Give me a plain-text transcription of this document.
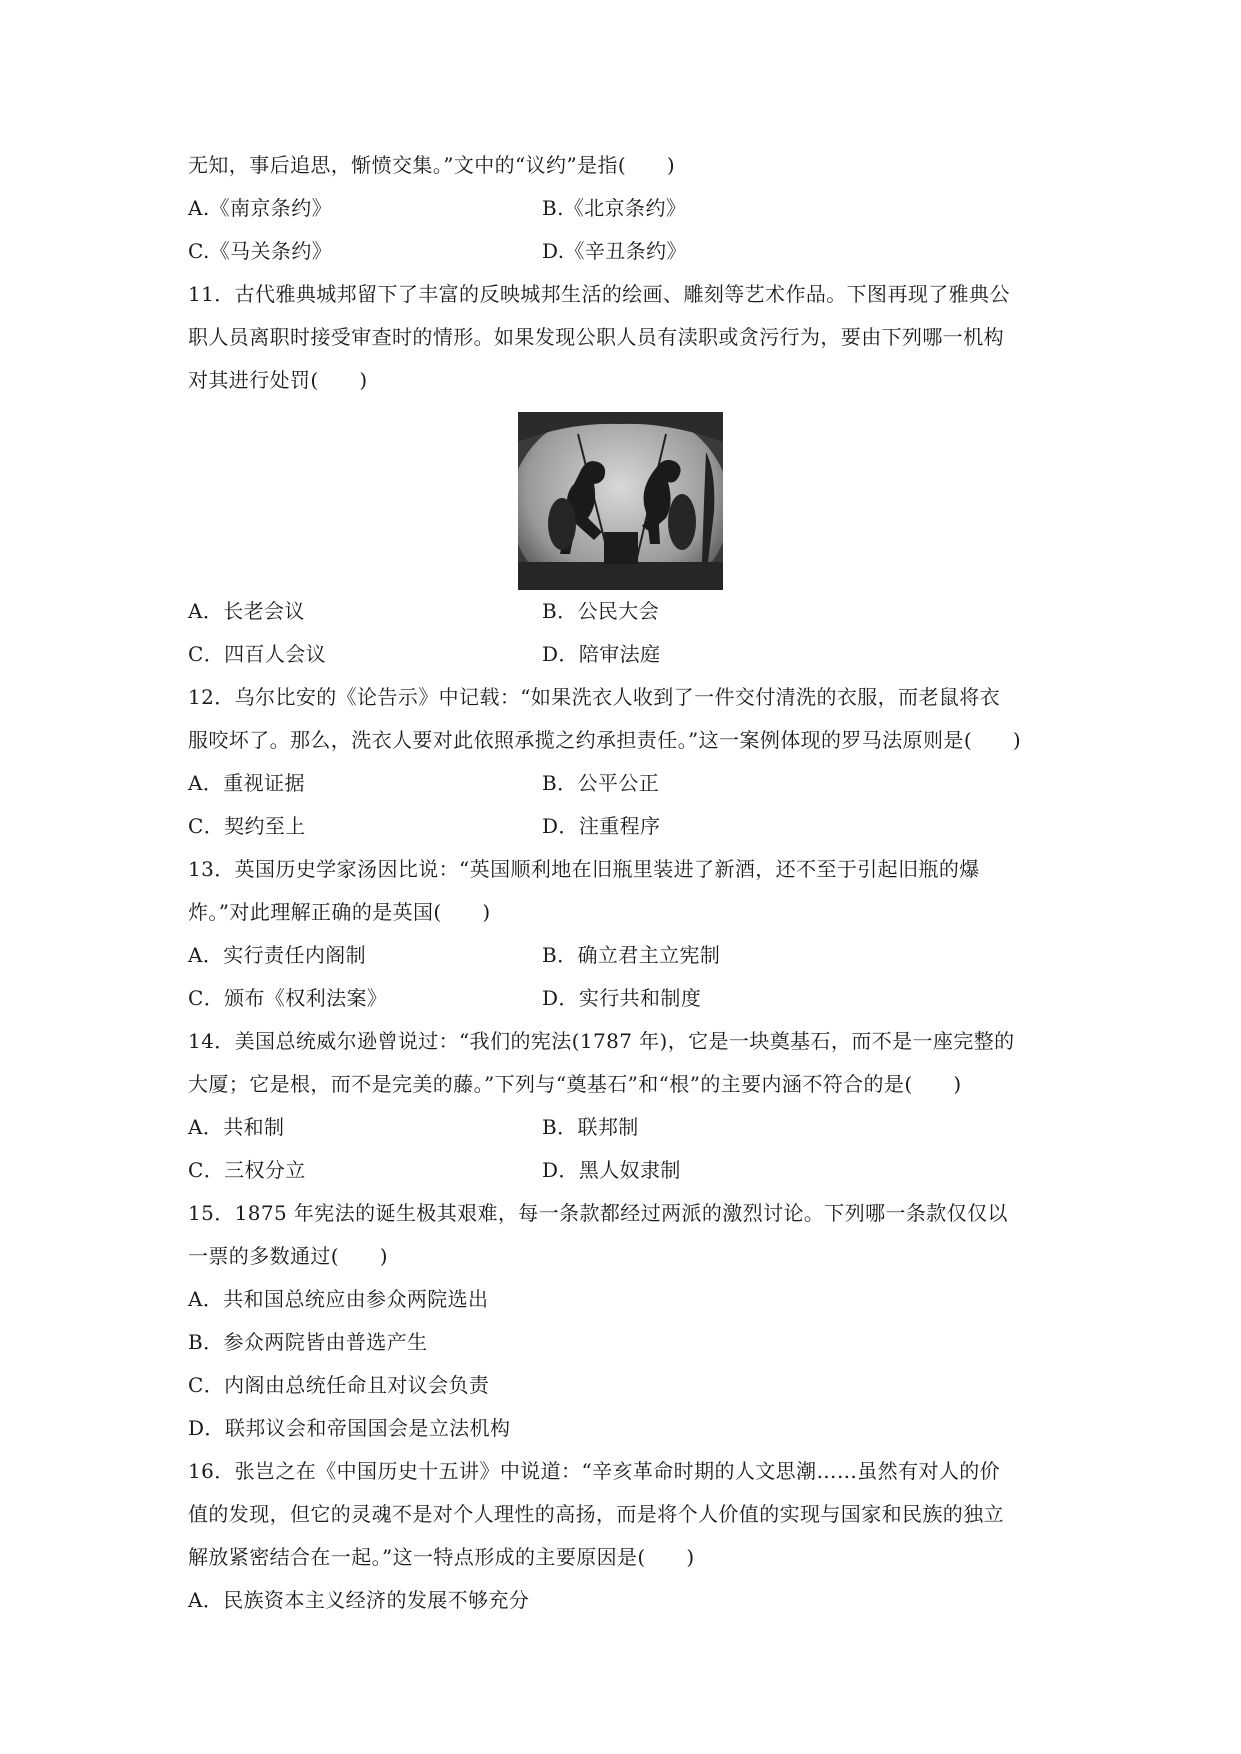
无知，事后追思，惭愤交集。”文中的“议约”是指(　　)
A.《南京条约》	B.《北京条约》
C.《马关条约》	D.《辛丑条约》
11．古代雅典城邦留下了丰富的反映城邦生活的绘画、雕刻等艺术作品。下图再现了雅典公
职人员离职时接受审查时的情形。如果发现公职人员有渎职或贪污行为，要由下列哪一机构
对其进行处罚(　　)
A．长老会议	B．公民大会
C．四百人会议	D．陪审法庭
12．乌尔比安的《论告示》中记载：“如果洗衣人收到了一件交付清洗的衣服，而老鼠将衣
服咬坏了。那么，洗衣人要对此依照承揽之约承担责任。”这一案例体现的罗马法原则是(　　)
A．重视证据	B．公平公正
C．契约至上	D．注重程序
13．英国历史学家汤因比说：“英国顺利地在旧瓶里装进了新酒，还不至于引起旧瓶的爆
炸。”对此理解正确的是英国(　　)
A．实行责任内阁制	B．确立君主立宪制
C．颁布《权利法案》	D．实行共和制度
14．美国总统威尔逊曾说过：“我们的宪法(1787 年)，它是一块奠基石，而不是一座完整的
大厦；它是根，而不是完美的藤。”下列与“奠基石”和“根”的主要内涵不符合的是(　　)
A．共和制	B．联邦制
C．三权分立	D．黑人奴隶制
15．1875 年宪法的诞生极其艰难，每一条款都经过两派的激烈讨论。下列哪一条款仅仅以
一票的多数通过(　　)
A．共和国总统应由参众两院选出
B．参众两院皆由普选产生
C．内阁由总统任命且对议会负责
D．联邦议会和帝国国会是立法机构
16．张岂之在《中国历史十五讲》中说道：“辛亥革命时期的人文思潮……虽然有对人的价
值的发现，但它的灵魂不是对个人理性的高扬，而是将个人价值的实现与国家和民族的独立
解放紧密结合在一起。”这一特点形成的主要原因是(　　)
A．民族资本主义经济的发展不够充分
